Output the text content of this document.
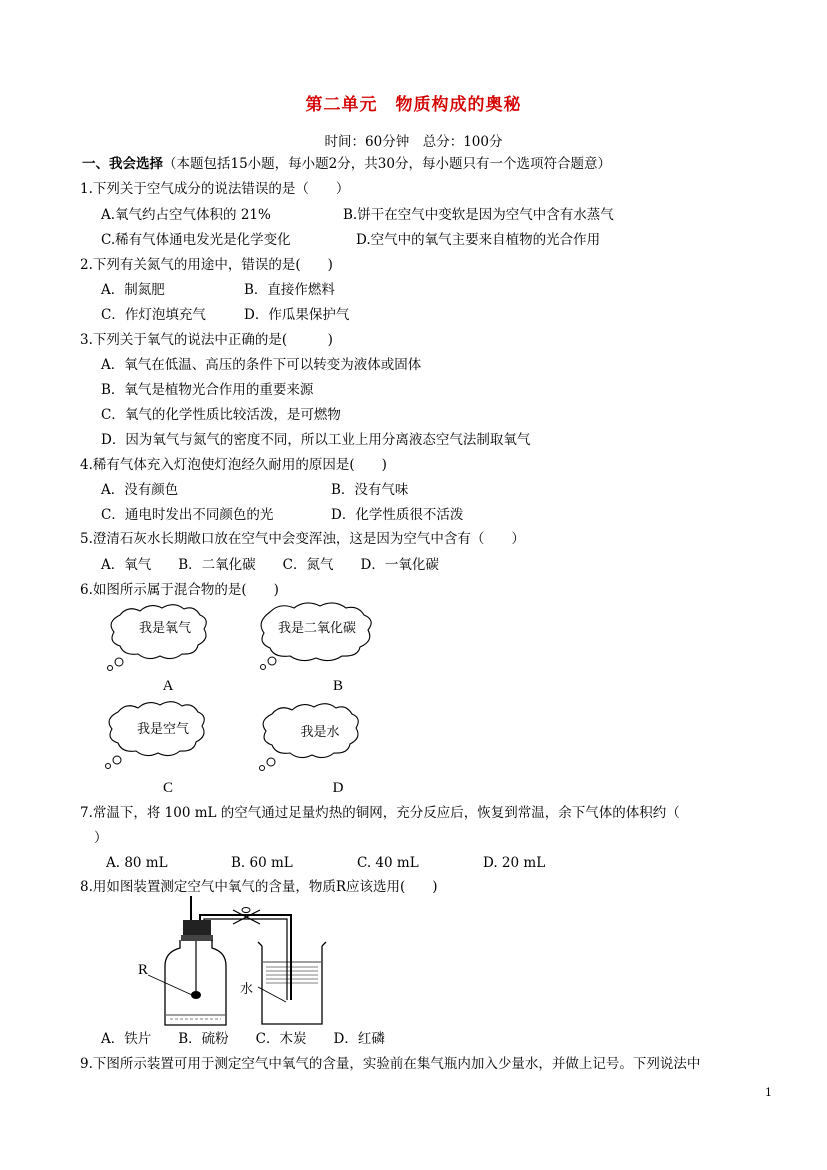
第二单元　物质构成的奥秘
时间：60分钟　总分：100分
一、我会选择（本题包括15小题，每小题2分，共30分，每小题只有一个选项符合题意）
1.下列关于空气成分的说法错误的是（　　）
A.氧气约占空气体积的 21%	B.饼干在空气中变软是因为空气中含有水蒸气
C.稀有气体通电发光是化学变化	D.空气中的氧气主要来自植物的光合作用
2.下列有关氮气的用途中，错误的是(　　)
A．制氮肥	B．直接作燃料
C．作灯泡填充气	D．作瓜果保护气
3.下列关于氧气的说法中正确的是(　　　)
A．氧气在低温、高压的条件下可以转变为液体或固体
B．氧气是植物光合作用的重要来源
C．氧气的化学性质比较活泼，是可燃物
D．因为氧气与氮气的密度不同，所以工业上用分离液态空气法制取氧气
4.稀有气体充入灯泡使灯泡经久耐用的原因是(　　)
A．没有颜色	B．没有气味
C．通电时发出不同颜色的光	D．化学性质很不活泼
5.澄清石灰水长期敞口放在空气中会变浑浊，这是因为空气中含有（　　）
A．氧气　　B．二氧化碳　　C．氮气　　D．一氧化碳
6.如图所示属于混合物的是(　　)
我是氧气
A
我是二氧化碳
B
我是空气
C
我是水
D
7.常温下，将 100 mL 的空气通过足量灼热的铜网，充分反应后，恢复到常温，余下气体的体积约（
）
A. 80 mL	B. 60 mL	C. 40 mL	D. 20 mL
8.用如图装置测定空气中氧气的含量，物质R应该选用(　　)
R
水
A．铁片　　B．硫粉　　C．木炭　　D．红磷
9.下图所示装置可用于测定空气中氧气的含量，实验前在集气瓶内加入少量水，并做上记号。下列说法中
1
